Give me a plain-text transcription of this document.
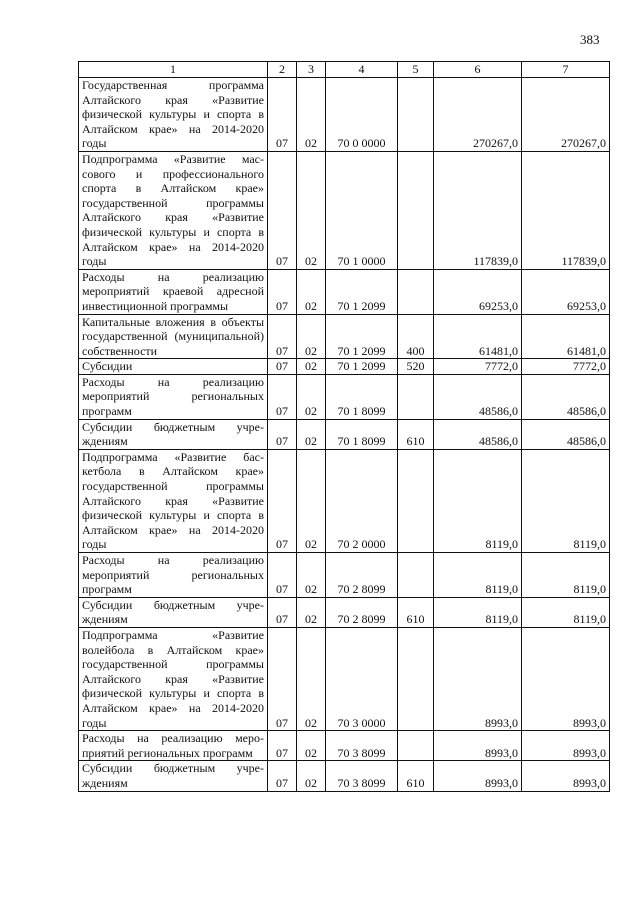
383
1	2	3	4	5	6	7
Государственная программа Алтайского края «Развитие физической культуры и спорта в Алтайском крае» на 2014-2020 годы	07	02	70 0 0000		270267,0	270267,0
Подпрограмма «Развитие массового и профессионального спорта в Алтайском крае» государственной программы Алтайского края «Развитие физической культуры и спорта в Алтайском крае» на 2014-2020 годы	07	02	70 1 0000		117839,0	117839,0
Расходы на реализацию мероприятий краевой адресной инвестиционной программы	07	02	70 1 2099		69253,0	69253,0
Капитальные вложения в объекты государственной (муниципальной) собственности	07	02	70 1 2099	400	61481,0	61481,0
Субсидии	07	02	70 1 2099	520	7772,0	7772,0
Расходы на реализацию мероприятий региональных программ	07	02	70 1 8099		48586,0	48586,0
Субсидии бюджетным учреждениям	07	02	70 1 8099	610	48586,0	48586,0
Подпрограмма «Развитие баскетбола в Алтайском крае» государственной программы Алтайского края «Развитие физической культуры и спорта в Алтайском крае» на 2014-2020 годы	07	02	70 2 0000		8119,0	8119,0
Расходы на реализацию мероприятий региональных программ	07	02	70 2 8099		8119,0	8119,0
Субсидии бюджетным учреждениям	07	02	70 2 8099	610	8119,0	8119,0
Подпрограмма «Развитие волейбола в Алтайском крае» государственной программы Алтайского края «Развитие физической культуры и спорта в Алтайском крае» на 2014-2020 годы	07	02	70 3 0000		8993,0	8993,0
Расходы на реализацию мероприятий региональных программ	07	02	70 3 8099		8993,0	8993,0
Субсидии бюджетным учреждениям	07	02	70 3 8099	610	8993,0	8993,0
